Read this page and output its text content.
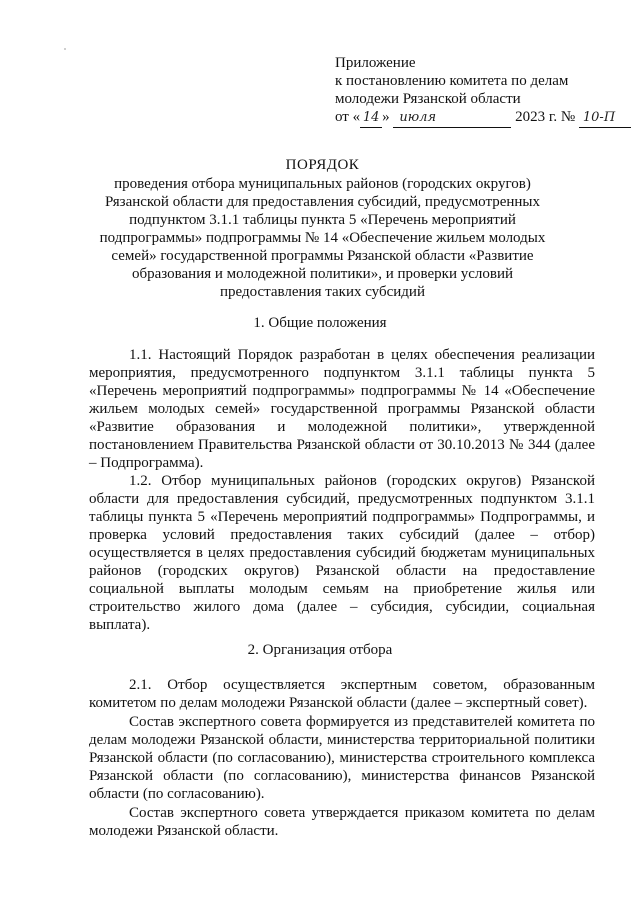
Приложение
к постановлению комитета по делам
молодежи Рязанской области
от « 14 » июля	2023 г. № 10-П
ПОРЯДОК
проведения отбора муниципальных районов (городских округов)
Рязанской области для предоставления субсидий, предусмотренных
подпунктом 3.1.1 таблицы пункта 5 «Перечень мероприятий
подпрограммы» подпрограммы № 14 «Обеспечение жильем молодых
семей» государственной программы Рязанской области «Развитие
образования и молодежной политики», и проверки условий
предоставления таких субсидий
1. Общие положения

1.1. Настоящий Порядок разработан в целях обеспечения реализации мероприятия, предусмотренного подпунктом 3.1.1 таблицы пункта 5 «Перечень мероприятий подпрограммы» подпрограммы № 14 «Обеспечение жильем молодых семей» государственной программы Рязанской области «Развитие образования и молодежной политики», утвержденной постановлением Правительства Рязанской области от 30.10.2013 № 344 (далее – Подпрограмма).

1.2. Отбор муниципальных районов (городских округов) Рязанской области для предоставления субсидий, предусмотренных подпунктом 3.1.1 таблицы пункта 5 «Перечень мероприятий подпрограммы» Подпрограммы, и проверка условий предоставления таких субсидий (далее – отбор) осуществляется в целях предоставления субсидий бюджетам муниципальных районов (городских округов) Рязанской области на предоставление социальной выплаты молодым семьям на приобретение жилья или строительство жилого дома (далее – субсидия, субсидии, социальная выплата).

2. Организация отбора

2.1. Отбор осуществляется экспертным советом, образованным комитетом по делам молодежи Рязанской области (далее – экспертный совет).

Состав экспертного совета формируется из представителей комитета по делам молодежи Рязанской области, министерства территориальной политики Рязанской области (по согласованию), министерства строительного комплекса Рязанской области (по согласованию), министерства финансов Рязанской области (по согласованию).

Состав экспертного совета утверждается приказом комитета по делам молодежи Рязанской области.
